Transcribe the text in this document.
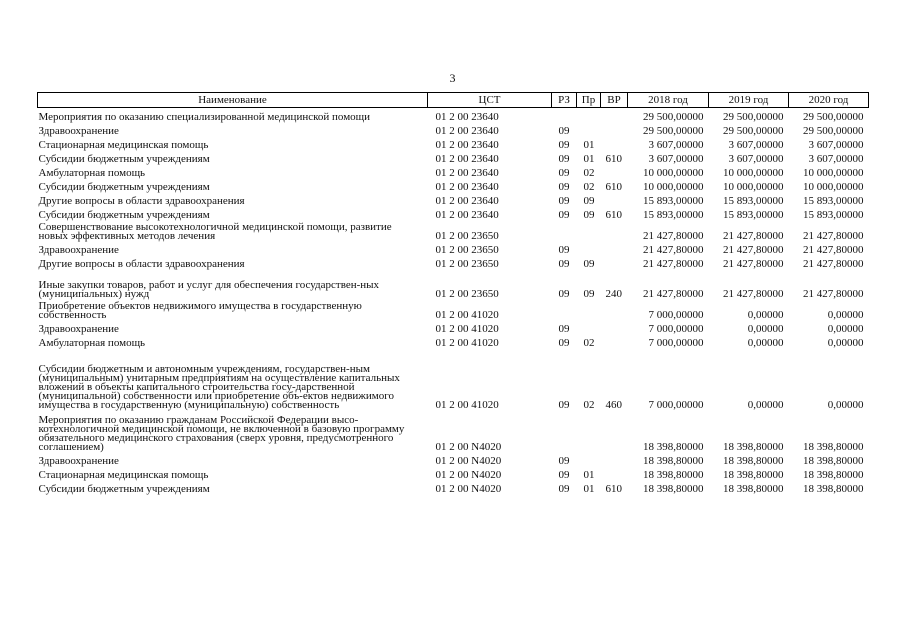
3
Наименование	ЦСТ	РЗ	Пр	ВР	2018 год	2019 год	2020 год
Мероприятия по оказанию специализированной медицинской помощи	01 2 00 23640				29 500,00000	29 500,00000	29 500,00000
Здравоохранение	01 2 00 23640	09			29 500,00000	29 500,00000	29 500,00000
Стационарная медицинская помощь	01 2 00 23640	09	01		3 607,00000	3 607,00000	3 607,00000
Субсидии бюджетным учреждениям	01 2 00 23640	09	01	610	3 607,00000	3 607,00000	3 607,00000
Амбулаторная помощь	01 2 00 23640	09	02		10 000,00000	10 000,00000	10 000,00000
Субсидии бюджетным учреждениям	01 2 00 23640	09	02	610	10 000,00000	10 000,00000	10 000,00000
Другие вопросы в области здравоохранения	01 2 00 23640	09	09		15 893,00000	15 893,00000	15 893,00000
Субсидии бюджетным учреждениям	01 2 00 23640	09	09	610	15 893,00000	15 893,00000	15 893,00000
Совершенствование высокотехнологичной медицинской помощи, развитие новых эффективных методов лечения	01 2 00 23650				21 427,80000	21 427,80000	21 427,80000
Здравоохранение	01 2 00 23650	09			21 427,80000	21 427,80000	21 427,80000
Другие вопросы в области здравоохранения	01 2 00 23650	09	09		21 427,80000	21 427,80000	21 427,80000
Иные закупки товаров, работ и услуг для обеспечения государствен-ных (муниципальных) нужд	01 2 00 23650	09	09	240	21 427,80000	21 427,80000	21 427,80000
Приобретение объектов недвижимого имущества в государственную собственность	01 2 00 41020				7 000,00000	0,00000	0,00000
Здравоохранение	01 2 00 41020	09			7 000,00000	0,00000	0,00000
Амбулаторная помощь	01 2 00 41020	09	02		7 000,00000	0,00000	0,00000
Субсидии бюджетным и автономным учреждениям, государствен-ным (муниципальным) унитарным предприятиям на осуществление капитальных вложений в объекты капитального строительства госу-дарственной (муниципальной) собственности или приобретение объ-ектов недвижимого имущества в государственную (муниципальную) собственность	01 2 00 41020	09	02	460	7 000,00000	0,00000	0,00000
Мероприятия по оказанию гражданам Российской Федерации высо-котехнологичной медицинской помощи, не включенной в базовую программу обязательного медицинского страхования (сверх уровня, предусмотренного соглашением)	01 2 00 N4020				18 398,80000	18 398,80000	18 398,80000
Здравоохранение	01 2 00 N4020	09			18 398,80000	18 398,80000	18 398,80000
Стационарная медицинская помощь	01 2 00 N4020	09	01		18 398,80000	18 398,80000	18 398,80000
Субсидии бюджетным учреждениям	01 2 00 N4020	09	01	610	18 398,80000	18 398,80000	18 398,80000
